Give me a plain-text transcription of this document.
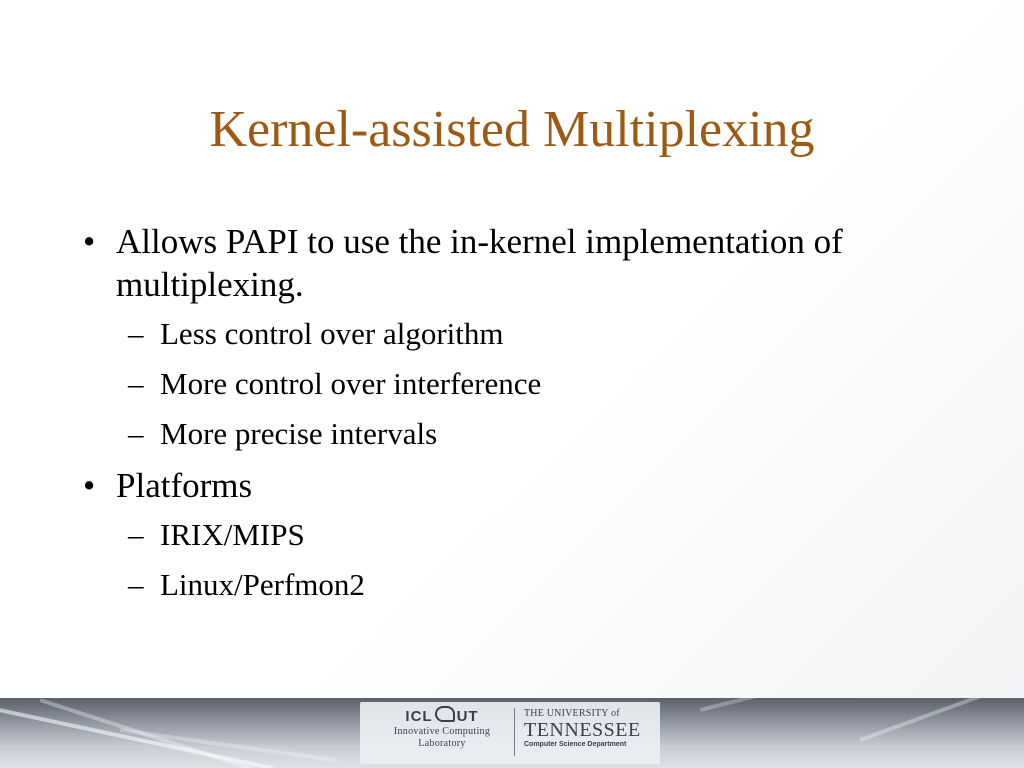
Kernel-assisted Multiplexing
• Allows PAPI to use the in-kernel implementation of multiplexing.
– Less control over algorithm
– More control over interference
– More precise intervals
• Platforms
– IRIX/MIPS
– Linux/Perfmon2
ICL UT
Innovative Computing
Laboratory
THE UNIVERSITY of
TENNESSEE
Computer Science Department
